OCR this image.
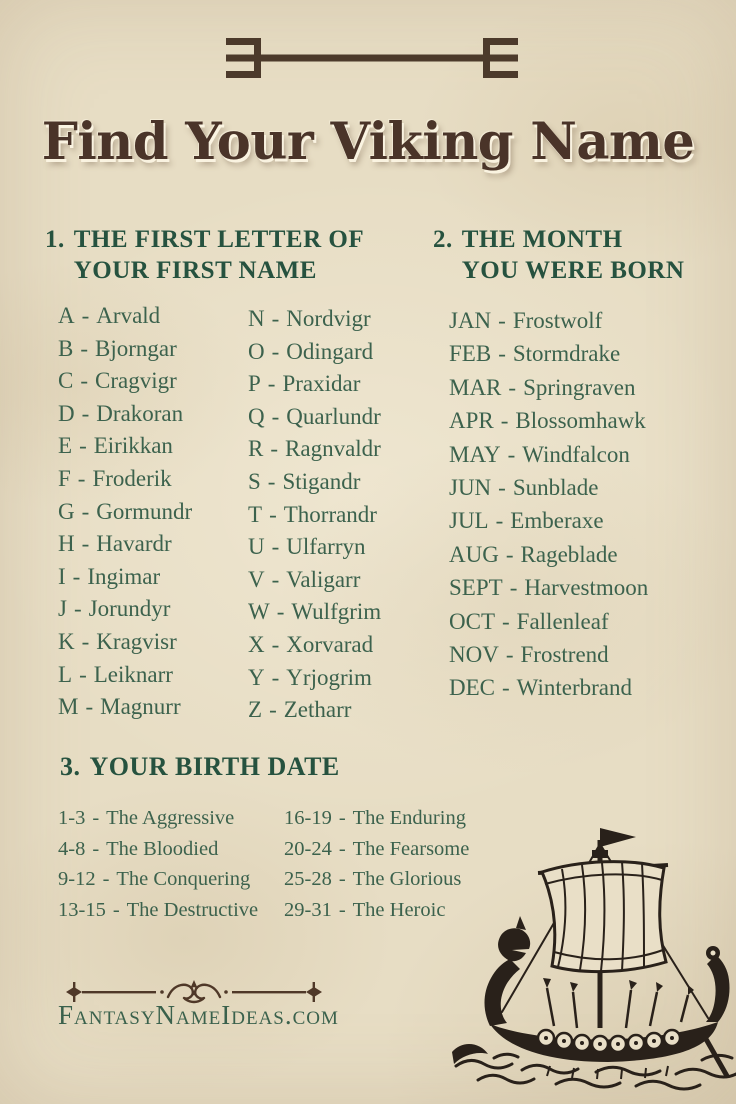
Find Your Viking Name
1. THE FIRST LETTER OF
YOUR FIRST NAME
2. THE MONTH
YOU WERE BORN
A - Arvald
B - Bjorngar
C - Cragvigr
D - Drakoran
E - Eirikkan
F - Froderik
G - Gormundr
H - Havardr
I - Ingimar
J - Jorundyr
K - Kragvisr
L - Leiknarr
M - Magnurr
N - Nordvigr
O - Odingard
P - Praxidar
Q - Quarlundr
R - Ragnvaldr
S - Stigandr
T - Thorrandr
U - Ulfarryn
V - Valigarr
W - Wulfgrim
X - Xorvarad
Y - Yrjogrim
Z - Zetharr
JAN - Frostwolf
FEB - Stormdrake
MAR - Springraven
APR - Blossomhawk
MAY - Windfalcon
JUN - Sunblade
JUL - Emberaxe
AUG - Rageblade
SEPT - Harvestmoon
OCT - Fallenleaf
NOV - Frostrend
DEC - Winterbrand
3. YOUR BIRTH DATE
1-3 - The Aggressive
4-8 - The Bloodied
9-12 - The Conquering
13-15 - The Destructive
16-19 - The Enduring
20-24 - The Fearsome
25-28 - The Glorious
29-31 - The Heroic
FantasyNameIdeas.com
